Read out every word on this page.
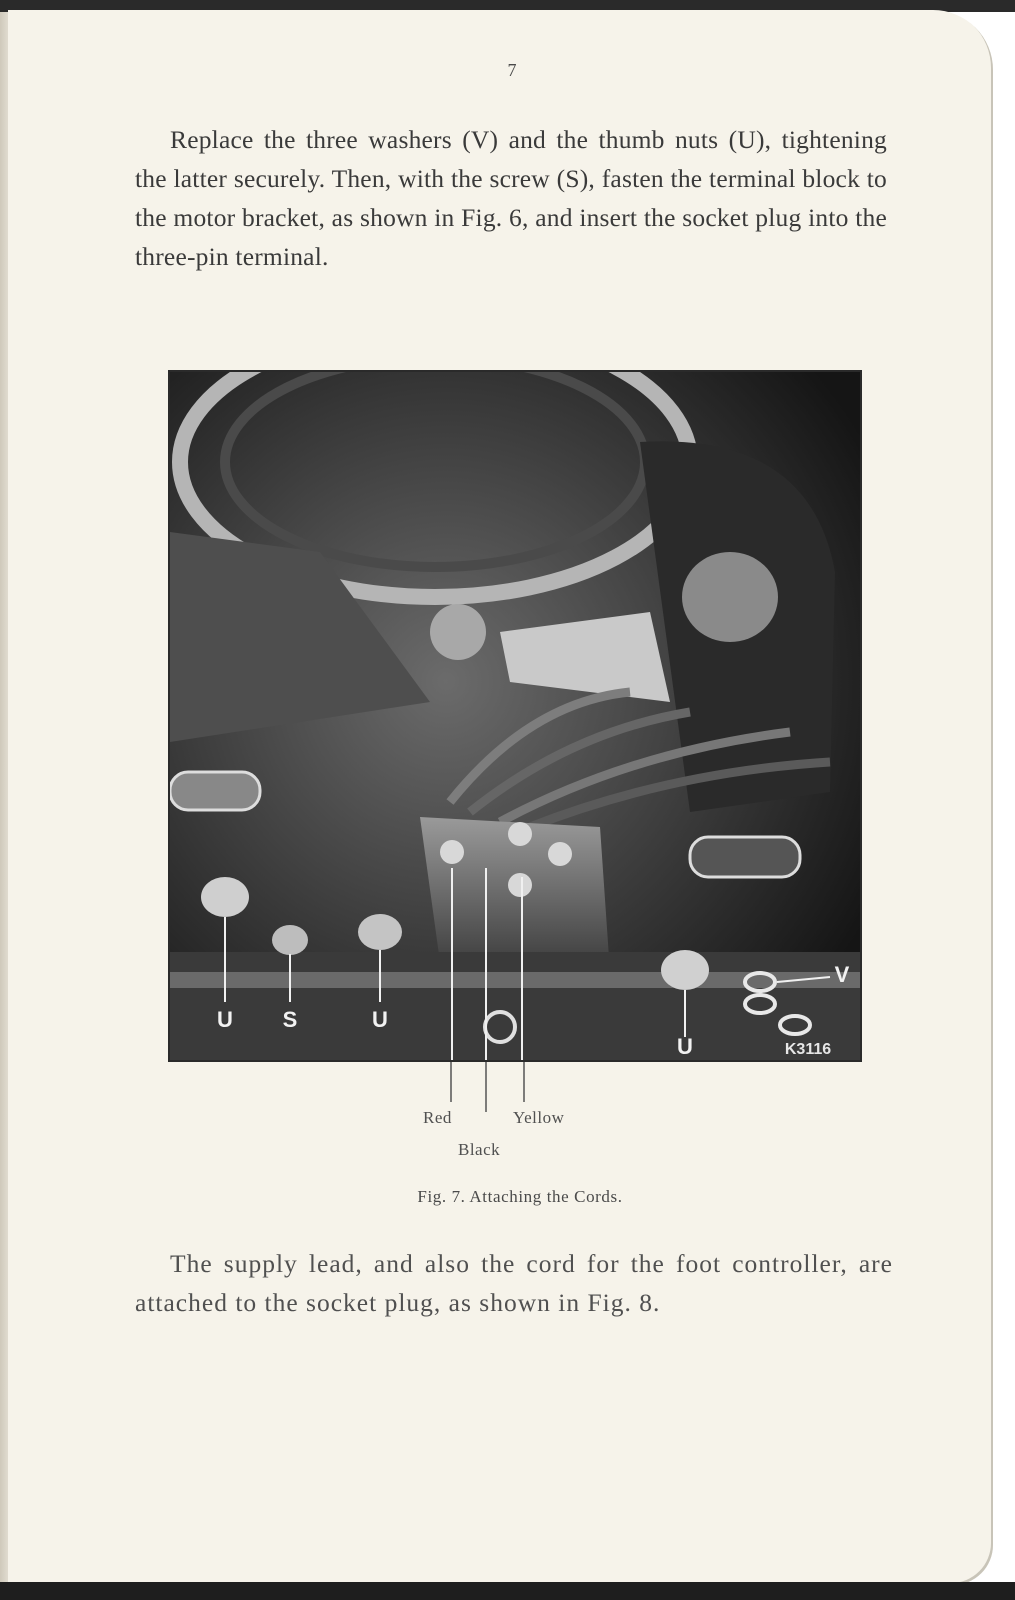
7

Replace the three washers (V) and the thumb nuts (U), tightening the latter securely. Then, with the screw (S), fasten the terminal block to the motor bracket, as shown in Fig. 6, and insert the socket plug into the three-pin terminal.

U S	U
U
V
K3116
Red	Yellow
Black
Fig. 7. Attaching the Cords.

The supply lead, and also the cord for the foot controller, are attached to the socket plug, as shown in Fig. 8.
